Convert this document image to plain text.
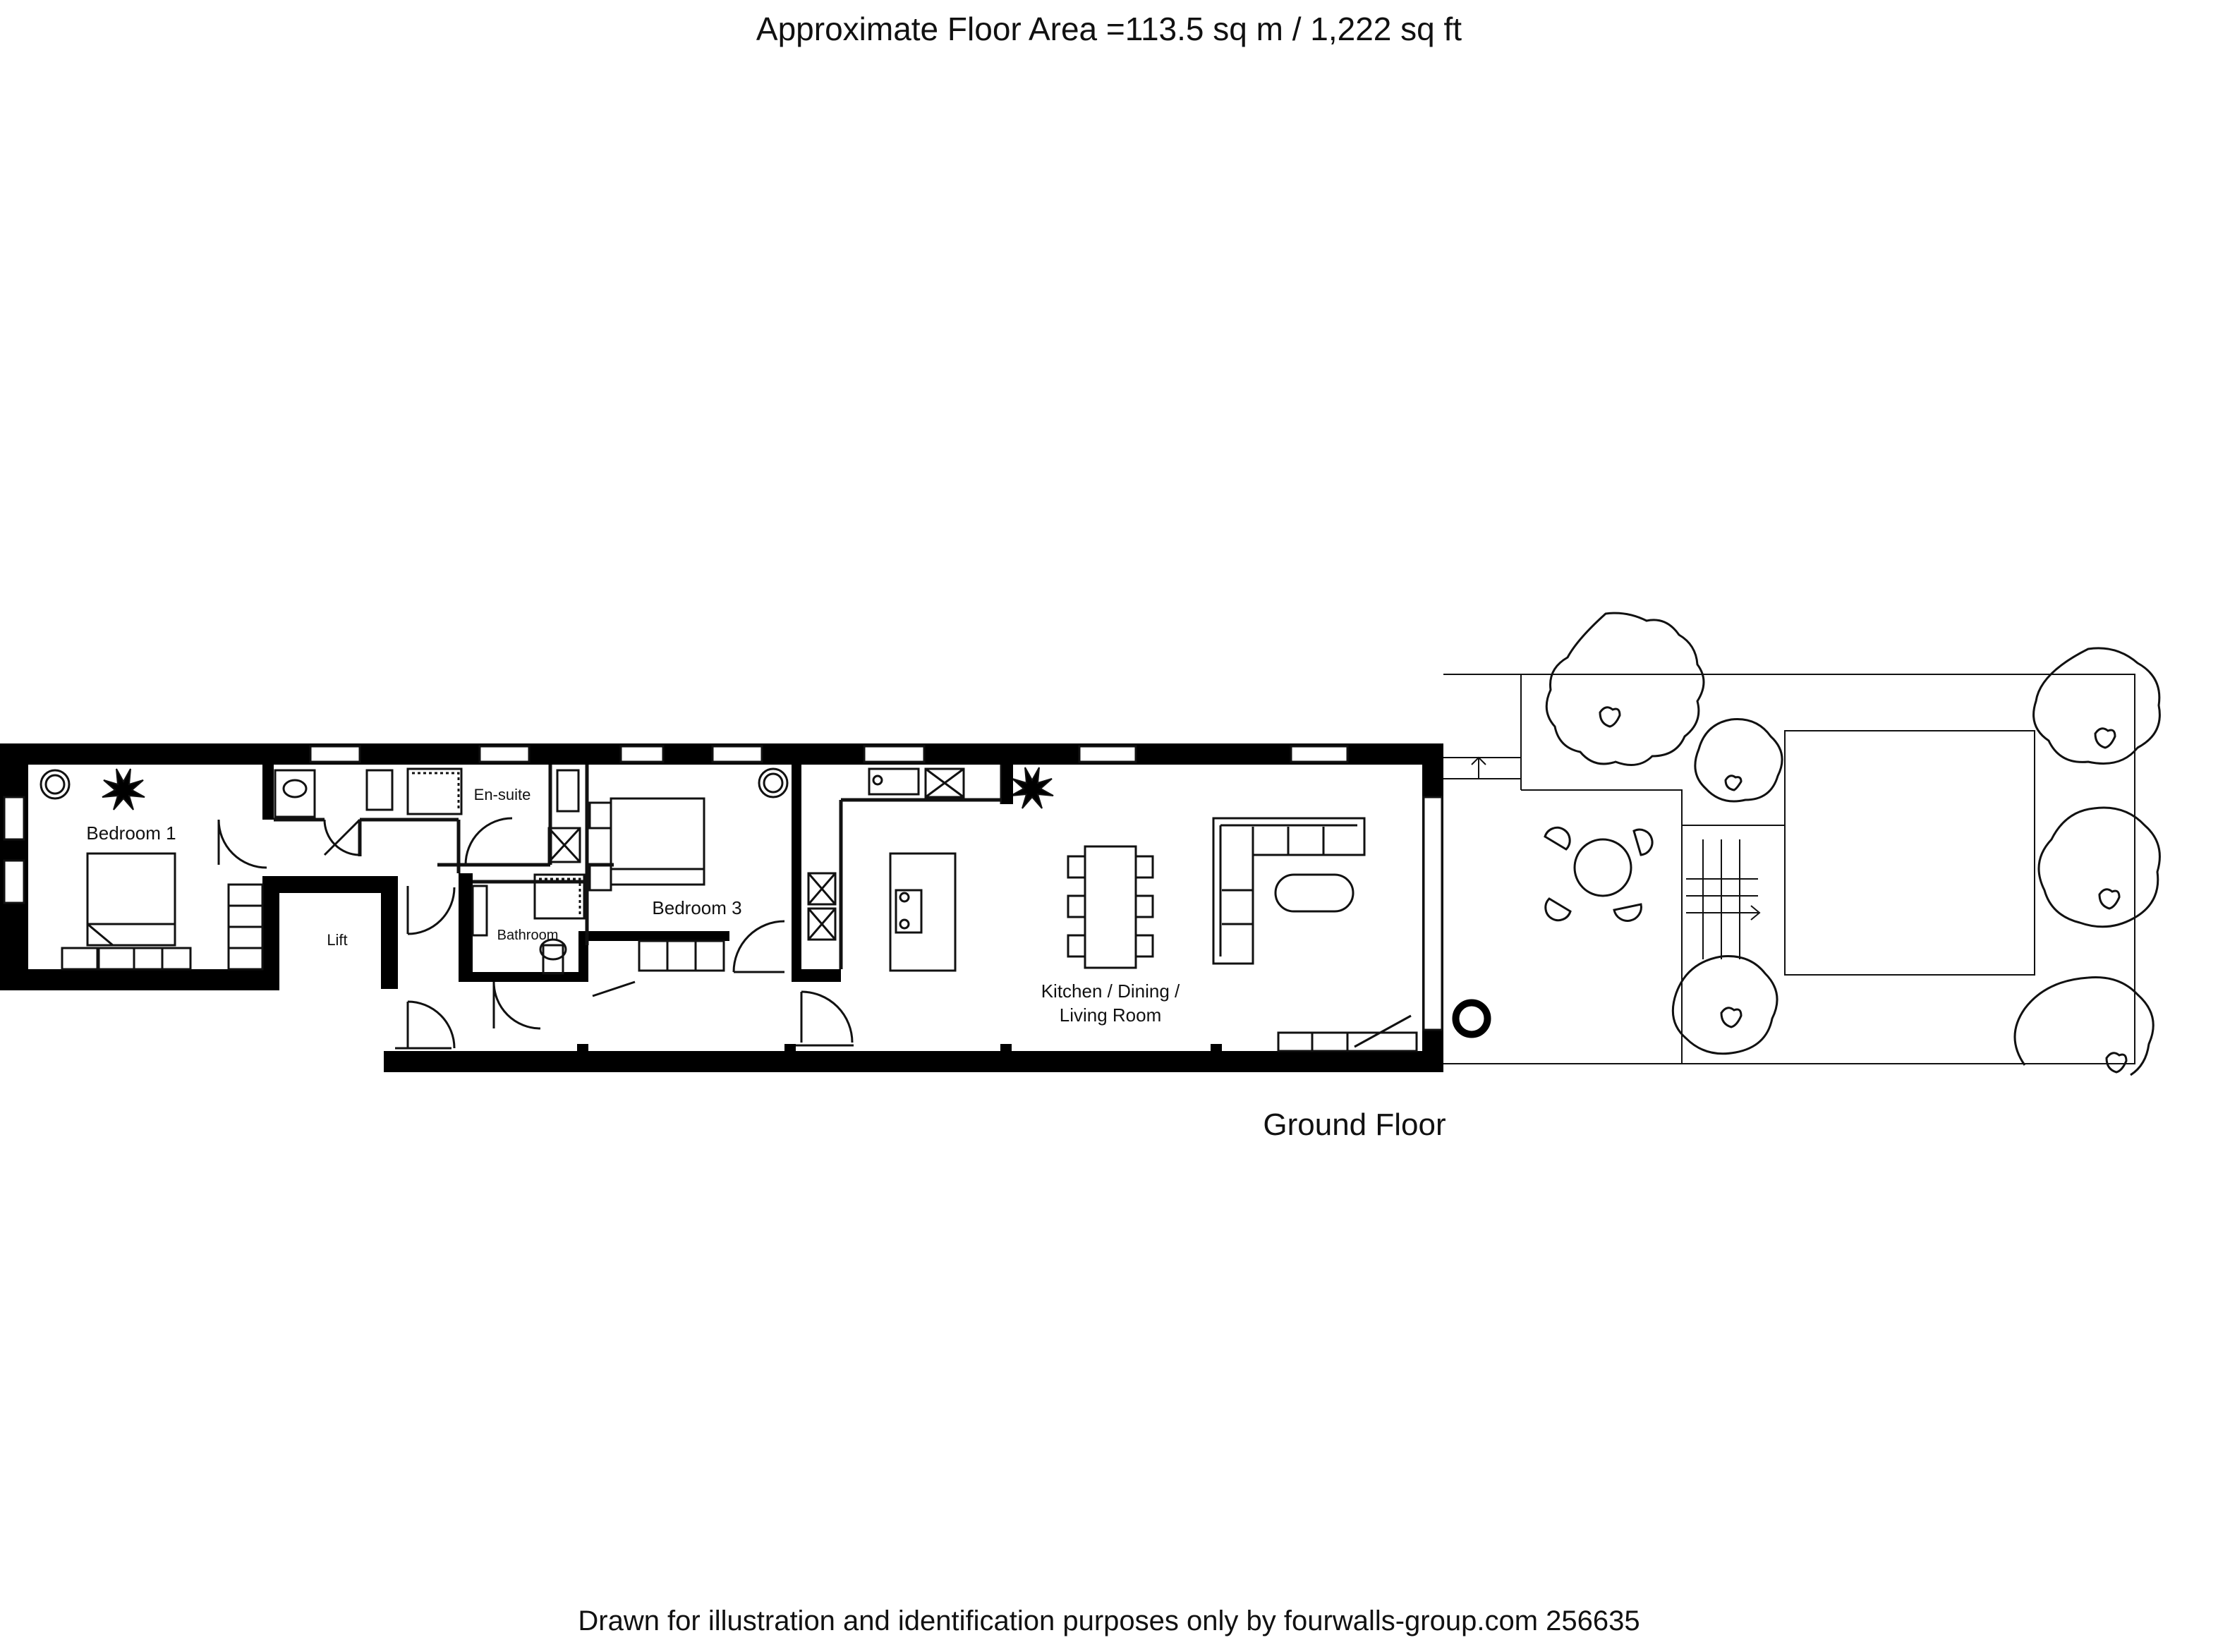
Approximate Floor Area =113.5 sq m / 1,222 sq ft
Bedroom 1
En-suite
Lift	Bathroom
Bedroom 3
Kitchen / Dining /
Living Room
Ground Floor
Drawn for illustration and identification purposes only by fourwalls-group.com 256635
